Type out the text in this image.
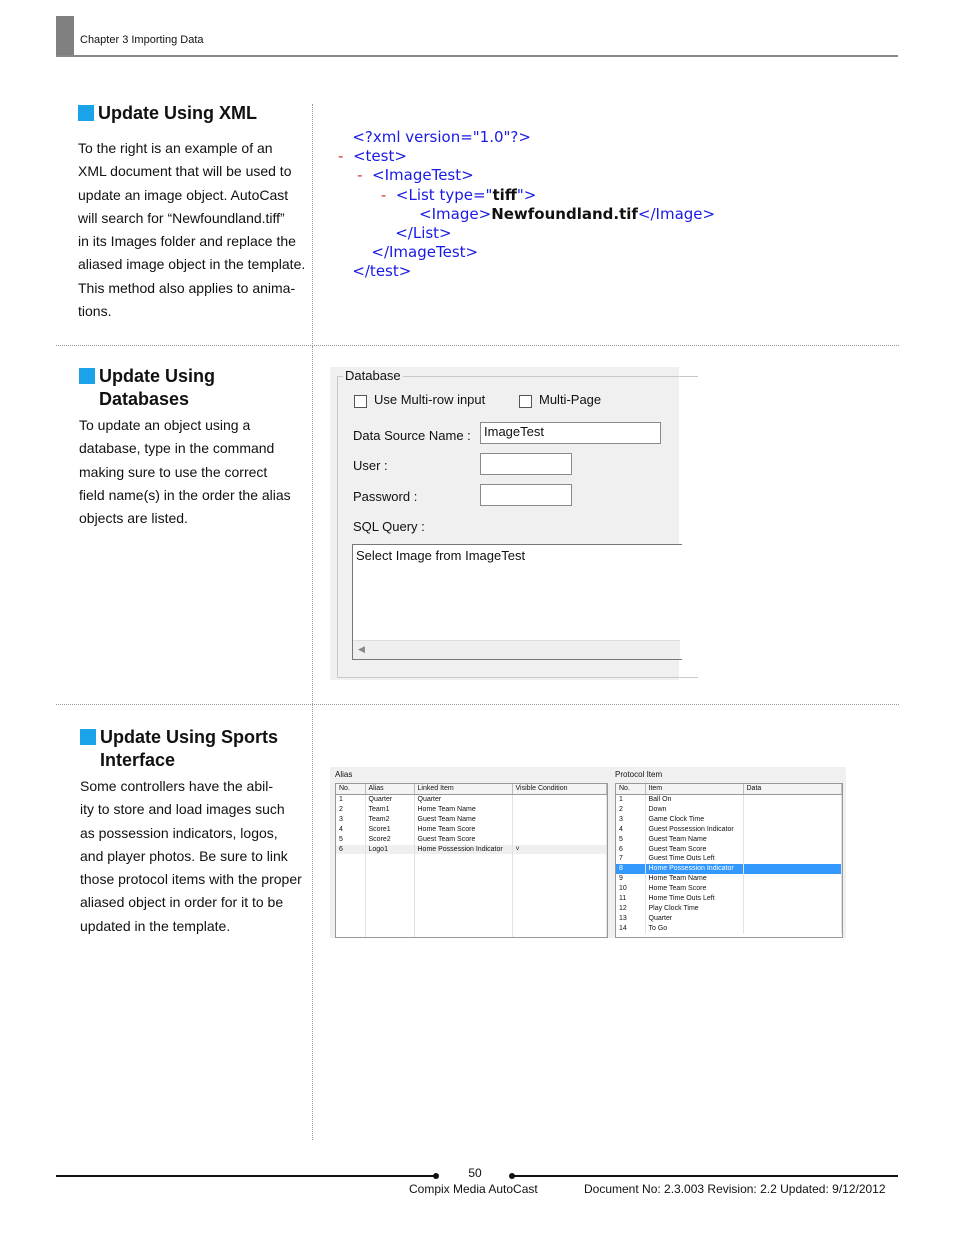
Chapter 3 Importing Data
Update Using XML
To the right is an example of an
XML document that will be used to
update an image object. AutoCast
will search for “Newfoundland.tiff”
in its Images folder and replace the
aliased image object in the template.
This method also applies to anima-
tions.
<?xml version="1.0"?>
- <test>
- <ImageTest>
- <List type="tiff">
<Image>Newfoundland.tif</Image>
</List>
</ImageTest>
</test>
Update Using
Databases
To update an object using a
database, type in the command
making sure to use the correct
field name(s) in the order the alias
objects are listed.
Database
Use Multi-row input	Multi-Page
Data Source Name :	ImageTest
User :
Password :
SQL Query :
Select Image from ImageTest
◀
Update Using Sports
Interface
Some controllers have the abil-
ity to store and load images such
as possession indicators, logos,
and player photos. Be sure to link
those protocol items with the proper
aliased object in order for it to be
updated in the template.
Alias
No.	Alias	Linked Item	Visible Condition
1	Quarter	Quarter	
2	Team1	Home Team Name	
3	Team2	Guest Team Name	
4	Score1	Home Team Score	
5	Score2	Guest Team Score	
6	Logo1	Home Possession Indicator	˅

Protocol Item
No.	Item	Data
1	Ball On	
2	Down	
3	Game Clock Time	
4	Guest Possession Indicator	
5	Guest Team Name	
6	Guest Team Score	
7	Guest Time Outs Left	
8	Home Possession Indicator	
9	Home Team Name	
10	Home Team Score	
11	Home Time Outs Left	
12	Play Clock Time	
13	Quarter	
14	To Go	
50
Compix Media AutoCast	Document No: 2.3.003 Revision: 2.2 Updated: 9/12/2012
